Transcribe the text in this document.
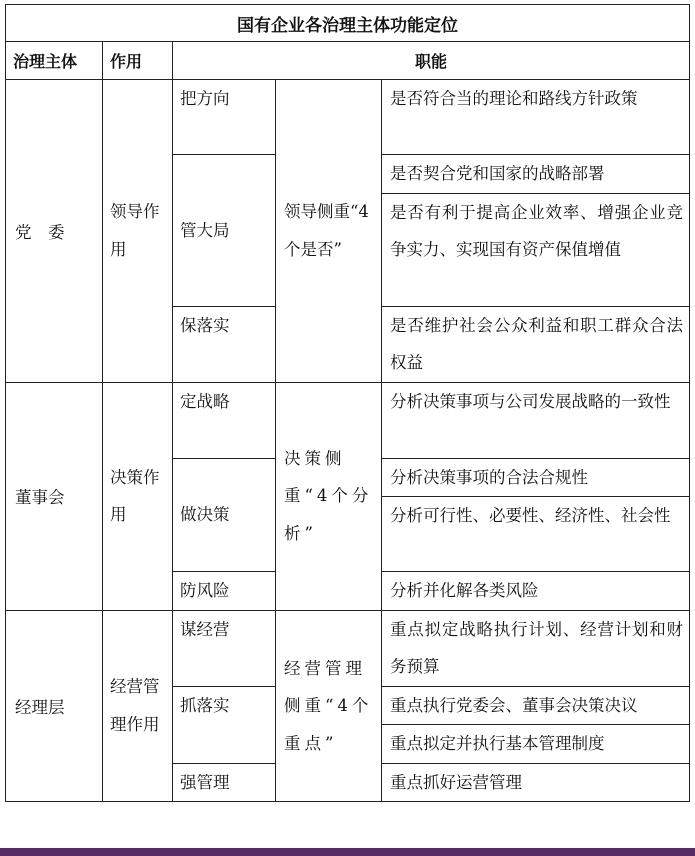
国有企业各治理主体功能定位				
治理主体	作用	职能		
党  委	领导作用	把方向	领导侧重“4个是否”	是否符合当的理论和路线方针政策
		管大局		是否契合党和国家的战略部署
				是否有利于提高企业效率、增强企业竞争实力、实现国有资产保值增值
		保落实		是否维护社会公众利益和职工群众合法权益
董事会	决策作用	定战略	决策侧重“4个分析”	分析决策事项与公司发展战略的一致性
		做决策		分析决策事项的合法合规性
				分析可行性、必要性、经济性、社会性
		防风险		分析并化解各类风险
经理层	经营管理作用	谋经营	经营管理侧重“4个重点”	重点拟定战略执行计划、经营计划和财务预算
		抓落实		重点执行党委会、董事会决策决议
				重点拟定并执行基本管理制度
		强管理		重点抓好运营管理
